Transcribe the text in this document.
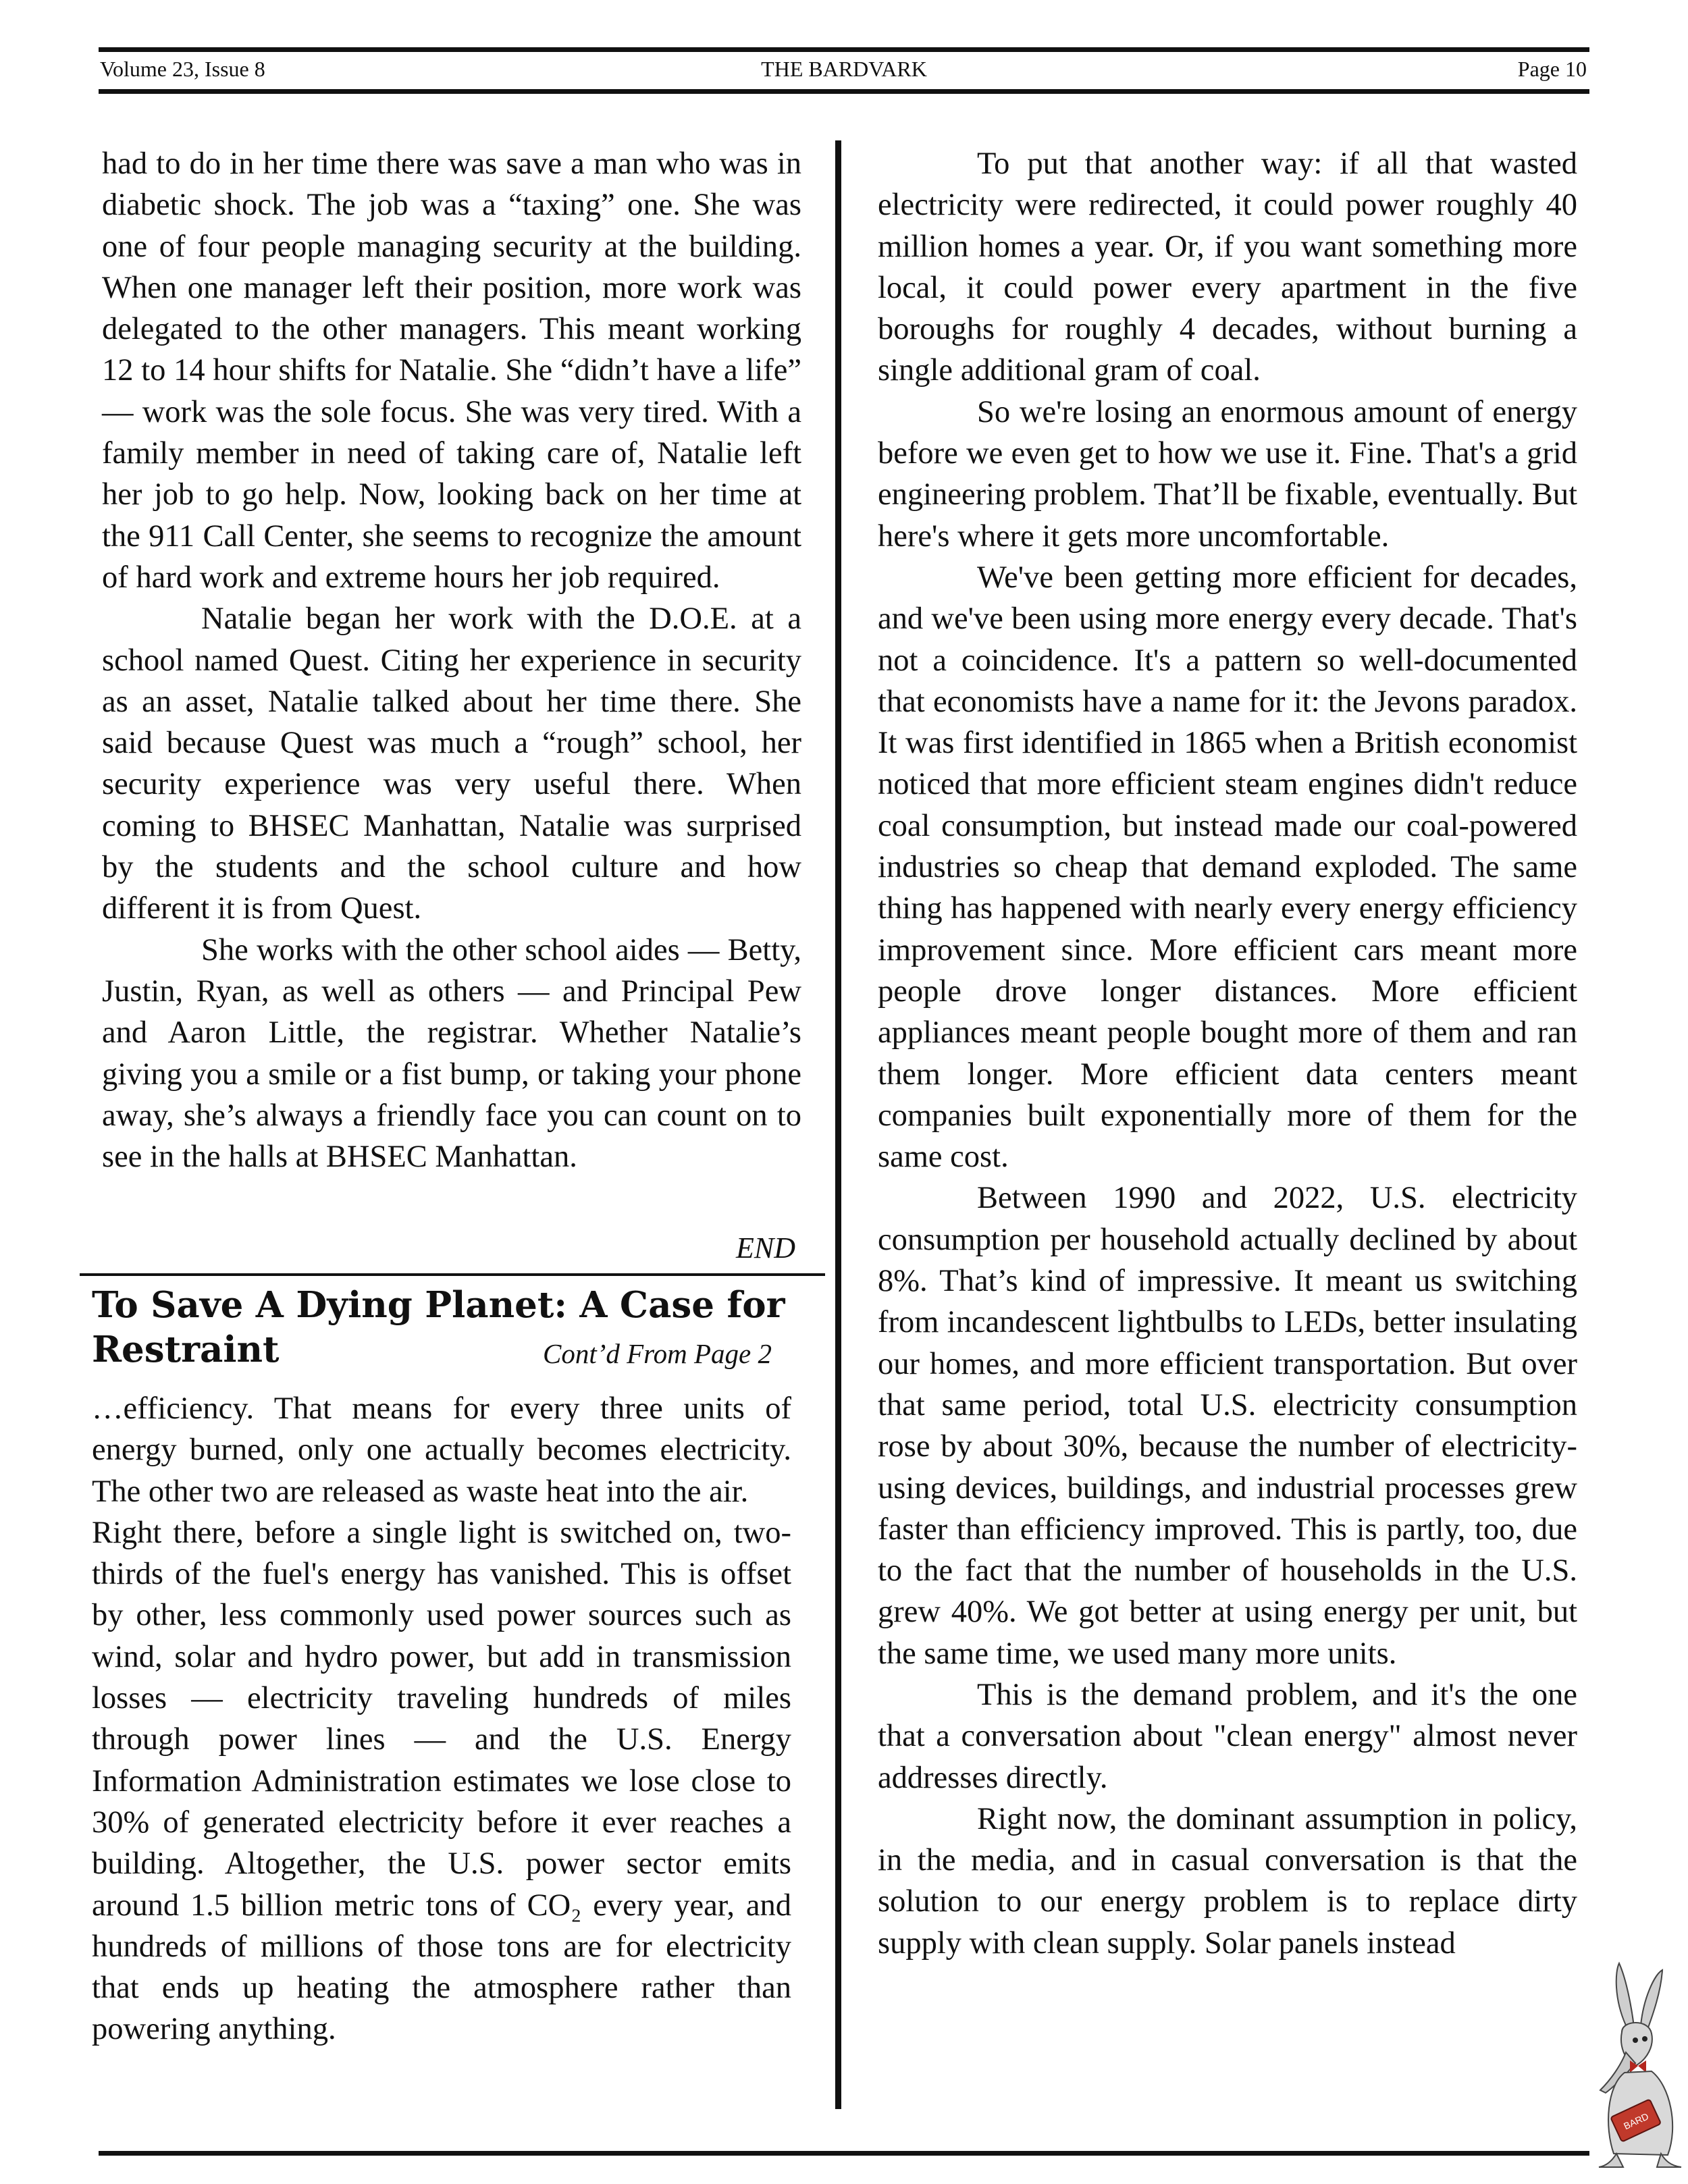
Volume 23, Issue 8	THE BARDVARK	Page 10

had to do in her time there was save a man who was in diabetic shock. The job was a “taxing” one. She was one of four people managing security at the building. When one manager left their position, more work was delegated to the other managers. This meant working 12 to 14 hour shifts for Natalie. She “didn’t have a life” — work was the sole focus. She was very tired. With a family member in need of taking care of, Natalie left her job to go help. Now, looking back on her time at the 911 Call Center, she seems to recognize the amount of hard work and extreme hours her job required.

Natalie began her work with the D.O.E. at a school named Quest. Citing her experience in security as an asset, Natalie talked about her time there. She said because Quest was much a “rough” school, her security experience was very useful there. When coming to BHSEC Manhattan, Natalie was surprised by the students and the school culture and how different it is from Quest.

She works with the other school aides — Betty, Justin, Ryan, as well as others — and Principal Pew and Aaron Little, the registrar. Whether Natalie’s giving you a smile or a fist bump, or taking your phone away, she’s always a friendly face you can count on to see in the halls at BHSEC Manhattan.

END
To Save A Dying Planet: A Case for Restraint	Cont’d From Page 2

…efficiency. That means for every three units of energy burned, only one actually becomes electricity. The other two are released as waste heat into the air.

Right there, before a single light is switched on, two-thirds of the fuel's energy has vanished. This is offset by other, less commonly used power sources such as wind, solar and hydro power, but add in transmission losses — electricity traveling hundreds of miles through power lines — and the U.S. Energy Information Administration estimates we lose close to 30% of generated electricity before it ever reaches a building. Altogether, the U.S. power sector emits around 1.5 billion metric tons of CO₂ every year, and hundreds of millions of those tons are for electricity that ends up heating the atmosphere rather than powering anything.

To put that another way: if all that wasted electricity were redirected, it could power roughly 40 million homes a year. Or, if you want something more local, it could power every apartment in the five boroughs for roughly 4 decades, without burning a single additional gram of coal.

So we're losing an enormous amount of energy before we even get to how we use it. Fine. That's a grid engineering problem. That’ll be fixable, eventually. But here's where it gets more uncomfortable.

We've been getting more efficient for decades, and we've been using more energy every decade. That's not a coincidence. It's a pattern so well-documented that economists have a name for it: the Jevons paradox. It was first identified in 1865 when a British economist noticed that more efficient steam engines didn't reduce coal consumption, but instead made our coal-powered industries so cheap that demand exploded. The same thing has happened with nearly every energy efficiency improvement since. More efficient cars meant more people drove longer distances. More efficient appliances meant people bought more of them and ran them longer. More efficient data centers meant companies built exponentially more of them for the same cost.

Between 1990 and 2022, U.S. electricity consumption per household actually declined by about 8%. That’s kind of impressive. It meant us switching from incandescent lightbulbs to LEDs, better insulating our homes, and more efficient transportation. But over that same period, total U.S. electricity consumption rose by about 30%, because the number of electricity-using devices, buildings, and industrial processes grew faster than efficiency improved. This is partly, too, due to the fact that the number of households in the U.S. grew 40%. We got better at using energy per unit, but the same time, we used many more units.

This is the demand problem, and it's the one that a conversation about "clean energy" almost never addresses directly.

Right now, the dominant assumption in policy, in the media, and in casual conversation is that the solution to our energy problem is to replace dirty supply with clean supply. Solar panels instead

BARD
